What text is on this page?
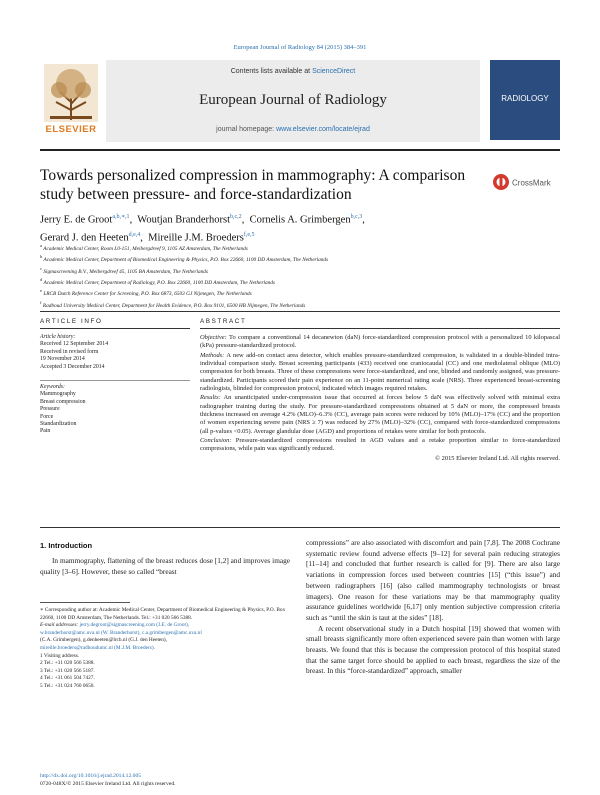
European Journal of Radiology 84 (2015) 384–391
ELSEVIER
Contents lists available at ScienceDirect
European Journal of Radiology
journal homepage: www.elsevier.com/locate/ejrad
RADIOLOGY
Towards personalized compression in mammography: A comparison study between pressure- and force-standardization
CrossMark
Jerry E. de Groot$^{a,b,∗,1}$,  Woutjan Branderhorst$^{b,c,2}$,  Cornelis A. Grimbergen$^{b,c,3}$,
Gerard J. den Heeten$^{d,e,4}$,  Mireille J.M. Broeders$^{f,e,5}$
$^a$ Academic Medical Center, Room L0-151, Meibergdreef 9, 1105 AZ Amsterdam, The Netherlands
$^b$ Academic Medical Center, Department of Biomedical Engineering & Physics, P.O. Box 22660, 1100 DD Amsterdam, The Netherlands
$^c$ Sigmascreening B.V., Meibergdreef 45, 1105 BA Amsterdam, The Netherlands
$^d$ Academic Medical Center, Department of Radiology, P.O. Box 22660, 1100 DD Amsterdam, The Netherlands
$^e$ LRCB Dutch Reference Center for Screening, P.O. Box 6873, 6503 GJ Nijmegen, The Netherlands
$^f$ Radboud University Medical Center, Department for Health Evidence, P.O. Box 9101, 6500 HB Nijmegen, The Netherlands
ARTICLE INFO	ABSTRACT
Article history:
Received 12 September 2014
Received in revised form
19 November 2014
Accepted 3 December 2014
Keywords:
Mammography
Breast compression
Pressure
Force
Standardization
Pain

Objective: To compare a conventional 14 decanewton (daN) force-standardized compression protocol with a personalized 10 kilopascal (kPa) pressure-standardized protocol.

Methods: A new add-on contact area detector, which enables pressure-standardized compression, is validated in a double-blinded intra-individual comparison study. Breast screening participants (433) received one craniocaudal (CC) and one mediolateral oblique (MLO) compression for both breasts. Three of these compressions were force-standardized, and one, blinded and randomly assigned, was pressure-standardized. Participants scored their pain experience on an 11-point numerical rating scale (NRS). Three experienced breast-screening radiologists, blinded for compression protocol, indicated which images required retakes.

Results: An unanticipated under-compression issue that occurred at forces below 5 daN was effectively solved with minimal extra radiographer training during the study. For pressure-standardized compressions obtained at 5 daN or more, the compressed breasts thickness increased on average 4.2% (MLO)–6.3% (CC), average pain scores were reduced by 10% (MLO)–17% (CC) and the proportion of women experiencing severe pain (NRS ≥ 7) was reduced by 27% (MLO)–32% (CC), compared with force-standardized compressions (all p-values <0.05). Average glandular dose (AGD) and proportions of retakes were similar for both protocols.

Conclusion: Pressure-standardized compressions resulted in AGD values and a retake proportion similar to force-standardized compressions, while pain was significantly reduced.

© 2015 Elsevier Ireland Ltd. All rights reserved.

1. Introduction

In mammography, flattening of the breast reduces dose [1,2] and improves image quality [3–6]. However, these so called “breast

∗ Corresponding author at: Academic Medical Center, Department of Biomedical Engineering & Physics, P.O. Box 22660, 1100 DD Amsterdam, The Netherlands. Tel.: +31 020 566 5388.

E-mail addresses: jerry.degroot@sigmascreening.com (J.E. de Groot),

w.branderhorst@amc.uva.nl (W. Branderhorst), c.a.grimbergen@amc.uva.nl

(C.A. Grimbergen), g.denheeten@lrcb.nl (G.J. den Heeten),

mireille.broeders@radboudumc.nl (M.J.M. Broeders).

1 Visiting address.

2 Tel.: +31 020 566 5388.

3 Tel.: +31 020 566 5187.

4 Tel.: +31 061 504 7427.

5 Tel.: +31 024 760 0650.

compressions” are also associated with discomfort and pain [7,8]. The 2008 Cochrane systematic review found adverse effects [9–12] for several pain reducing strategies [11–14] and concluded that further research is called for [9]. There are also large variations in compression forces used between countries [15] (“this issue”) and between radiographers [16] (also called mammography technologists or breast imagers). One reason for these variations may be that mammography quality assurance guidelines worldwide [6,17] only mention subjective compression criteria such as “until the skin is taut at the sides” [18].

A recent observational study in a Dutch hospital [19] showed that women with small breasts significantly more often experienced severe pain than women with large breasts. We found that this is because the compression protocol of this hospital stated that the same target force should be applied to each breast, regardless the size of the breast. In this “force-standardized” approach, smaller

http://dx.doi.org/10.1016/j.ejrad.2014.12.005
0720-048X/© 2015 Elsevier Ireland Ltd. All rights reserved.
